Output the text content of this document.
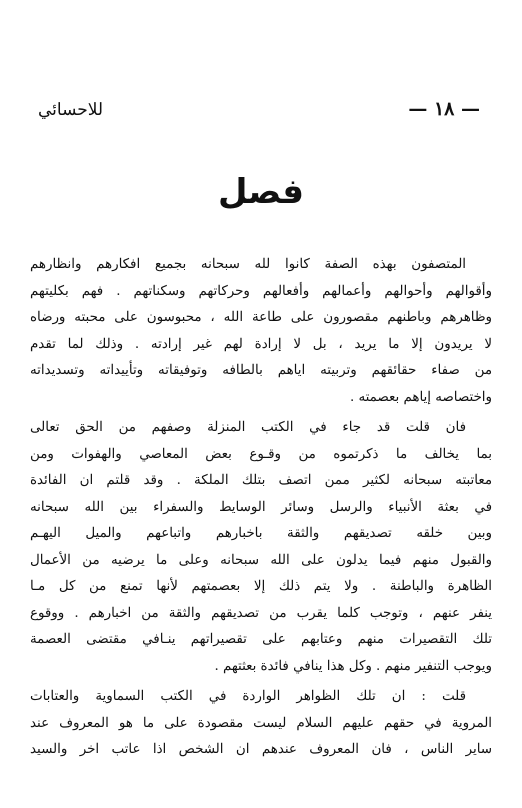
للاحسائي	— ١٨ —
فصل
المتصفون بهذه الصفة كانوا لله سبحانه بجميع افكارهم وانظارهم
وأقوالهم وأحوالهم وأعمالهم وأفعالهم وحركاتهم وسكناتهم . فهم بكليتهم
وظاهرهم وباطنهم مقصورون على طاعة الله ، محبوسون على محبته ورضاه
لا يريدون إلا ما يريد ، بل لا إرادة لهم غير إرادته . وذلك لما تقدم
من صفاء حقائقهم وتربيته اياهم بالطافه وتوفيقاته وتأييداته وتسديداته
واختصاصه إياهم بعصمته .
فان قلت قد جاء في الكتب المنزلة وصفهم من الحق تعالى
بما يخالف ما ذكرتموه من وقـوع بعض المعاصي والهفوات ومن
معاتبته سبحانه لكثير ممن اتصف بتلك الملكة . وقد قلتم ان الفائدة
في بعثة الأنبياء والرسل وسائر الوسايط والسفراء بين الله سبحانه
وبين خلقه تصديقهم والثقة باخبارهم واتباعهم والميل اليهـم
والقبول منهم فيما يدلون على الله سبحانه وعلى ما يرضيه من الأعمال
الظاهرة والباطنة . ولا يتم ذلك إلا بعصمتهم لأنها تمنع من كل مـا
ينفر عنهم ، وتوجب كلما يقرب من تصديقهم والثقة من اخبارهم . ووقوع
تلك التقصيرات منهم وعتابهم على تقصيراتهم ينـافي مقتضى العصمة
ويوجب التنفير منهم . وكل هذا ينافي فائدة بعثتهم .
قلت : ان تلك الظواهر الواردة في الكتب السماوية والعتابات
المروية في حقهم عليهم السلام ليست مقصودة على ما هو المعروف عند
ساير الناس ، فان المعروف عندهم ان الشخص اذا عاتب اخر والسيد
